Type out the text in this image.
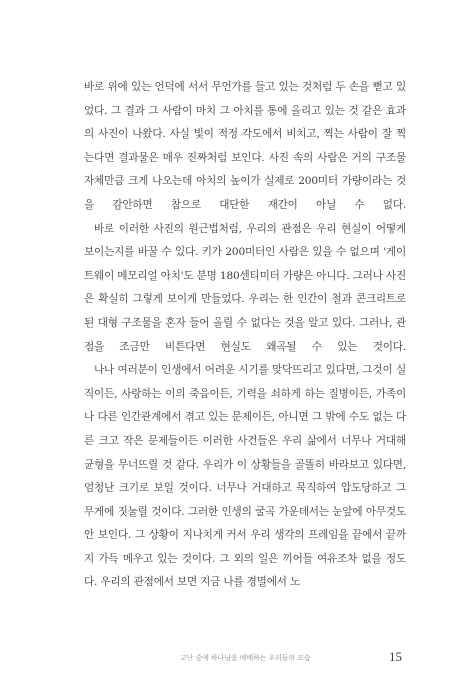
바로 위에 있는 언덕에 서서 무언가를 들고 있는 것처럼 두 손을 뻗고 있었다. 그 결과 그 사람이 마치 그 아치를 통에 올리고 있는 것 같은 효과의 사진이 나왔다. 사실 빛이 적정 각도에서 비치고, 찍는 사람이 잘 찍는다면 결과물은 매우 진짜처럼 보인다. 사진 속의 사람은 거의 구조물 자체만큼 크게 나오는데 아치의 높이가 실제로 200미터 가량이라는 것을 감안하면 참으로 대단한 재간이 아닐 수 없다.

바로 이러한 사진의 원근법처럼, 우리의 관점은 우리 현실이 어떻게 보이는지를 바꿀 수 있다. 키가 200미터인 사람은 있을 수 없으며 '게이트웨이 메모리얼 아치'도 분명 180센티미터 가량은 아니다. 그러나 사진은 확실히 그렇게 보이게 만들었다. 우리는 한 인간이 철과 콘크리트로 된 대형 구조물을 혼자 들어 올릴 수 없다는 것을 알고 있다. 그러나, 관점을 조금만 비튼다면 현실도 왜곡될 수 있는 것이다.

나나 여러분이 인생에서 어려운 시기를 맞닥뜨리고 있다면, 그것이 실직이든, 사랑하는 이의 죽음이든, 기력을 쇠하게 하는 질병이든, 가족이나 다른 인간관계에서 겪고 있는 문제이든, 아니면 그 밖에 수도 없는 다른 크고 작은 문제들이든 이러한 사건들은 우리 삶에서 너무나 거대해 균형을 무너뜨릴 것 같다. 우리가 이 상황들을 골똘히 바라보고 있다면, 엄청난 크기로 보일 것이다. 너무나 거대하고 묵직하여 압도당하고 그 무게에 짓눌릴 것이다. 그러한 인생의 굴곡 가운데서는 눈앞에 아무것도 안 보인다. 그 상황이 지나치게 커서 우리 생각의 프레임을 끝에서 끝까지 가득 메우고 있는 것이다. 그 외의 일은 끼어들 여유조차 없을 정도다. 우리의 관점에서 보면 지금 나를 경멸에서 노

고난 중에 하나님을 예배하는 우리들의 모습	15
